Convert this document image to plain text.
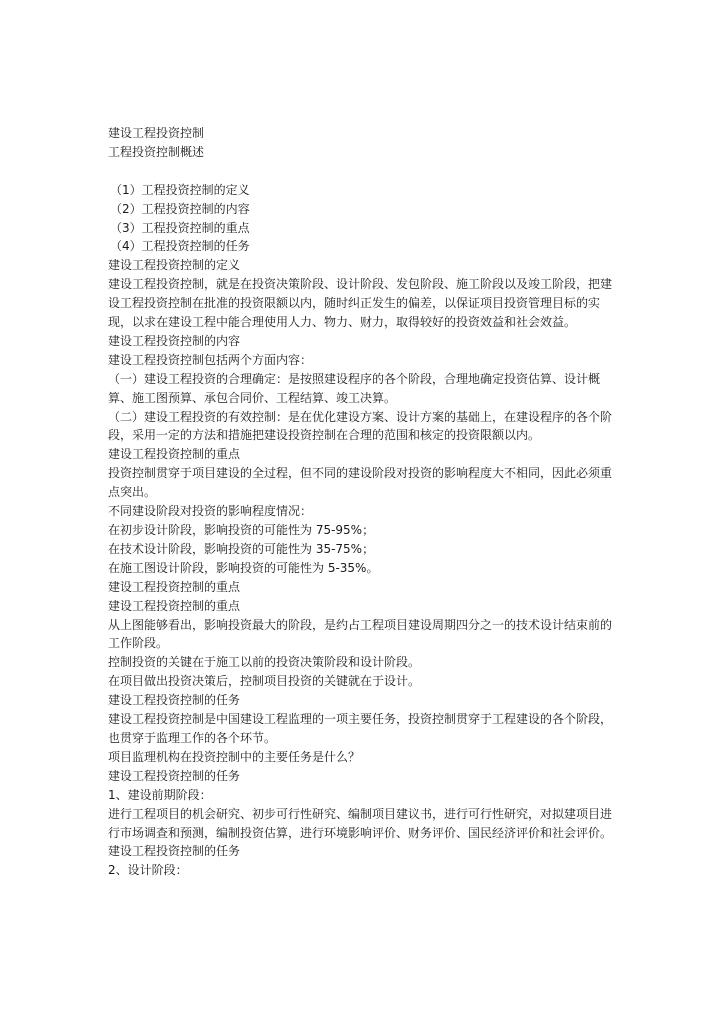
建设工程投资控制
工程投资控制概述
（1）工程投资控制的定义
（2）工程投资控制的内容
（3）工程投资控制的重点
（4）工程投资控制的任务
建设工程投资控制的定义
建设工程投资控制，就是在投资决策阶段、设计阶段、发包阶段、施工阶段以及竣工阶段，把建设工程投资控制在批准的投资限额以内，随时纠正发生的偏差，以保证项目投资管理目标的实现，以求在建设工程中能合理使用人力、物力、财力，取得较好的投资效益和社会效益。
建设工程投资控制的内容
建设工程投资控制包括两个方面内容：
（一）建设工程投资的合理确定：是按照建设程序的各个阶段，合理地确定投资估算、设计概算、施工图预算、承包合同价、工程结算、竣工决算。
（二）建设工程投资的有效控制：是在优化建设方案、设计方案的基础上，在建设程序的各个阶段，采用一定的方法和措施把建设投资控制在合理的范围和核定的投资限额以内。
建设工程投资控制的重点
投资控制贯穿于项目建设的全过程，但不同的建设阶段对投资的影响程度大不相同，因此必须重点突出。
不同建设阶段对投资的影响程度情况：
在初步设计阶段，影响投资的可能性为 75-95%；
在技术设计阶段，影响投资的可能性为 35-75%；
在施工图设计阶段，影响投资的可能性为 5-35%。
建设工程投资控制的重点
建设工程投资控制的重点
从上图能够看出，影响投资最大的阶段，是约占工程项目建设周期四分之一的技术设计结束前的工作阶段。
控制投资的关键在于施工以前的投资决策阶段和设计阶段。
在项目做出投资决策后，控制项目投资的关键就在于设计。
建设工程投资控制的任务
建设工程投资控制是中国建设工程监理的一项主要任务，投资控制贯穿于工程建设的各个阶段，也贯穿于监理工作的各个环节。
项目监理机构在投资控制中的主要任务是什么？
建设工程投资控制的任务
1、建设前期阶段：
进行工程项目的机会研究、初步可行性研究、编制项目建议书，进行可行性研究，对拟建项目进行市场调查和预测，编制投资估算，进行环境影响评价、财务评价、国民经济评价和社会评价。
建设工程投资控制的任务
2、设计阶段：
